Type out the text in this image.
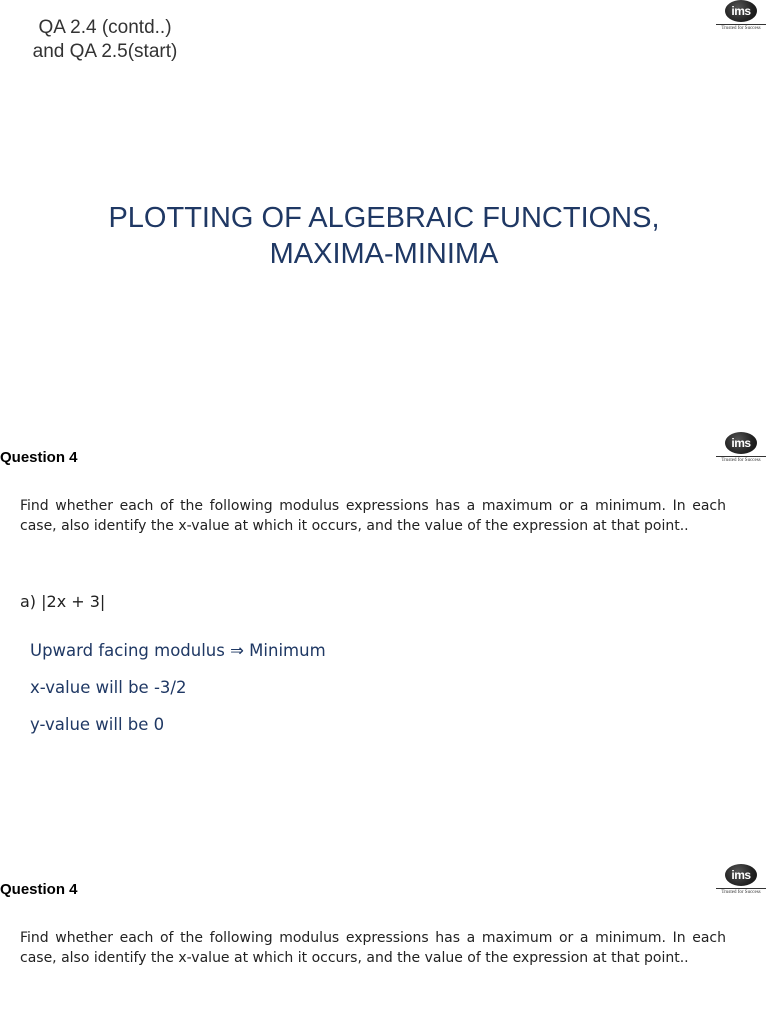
QA 2.4 (contd..)
and QA 2.5(start)
ims
Trusted for Success
PLOTTING OF ALGEBRAIC FUNCTIONS,
MAXIMA-MINIMA
Question 4
ims
Trusted for Success
Find whether each of the following modulus expressions has a maximum or a minimum. In each case, also identify the x-value at which it occurs, and the value of the expression at that point..
a) |2x + 3|
Upward facing modulus ⇒ Minimum
x-value will be -3/2
y-value will be 0
Question 4
ims
Trusted for Success
Find whether each of the following modulus expressions has a maximum or a minimum. In each case, also identify the x-value at which it occurs, and the value of the expression at that point..
